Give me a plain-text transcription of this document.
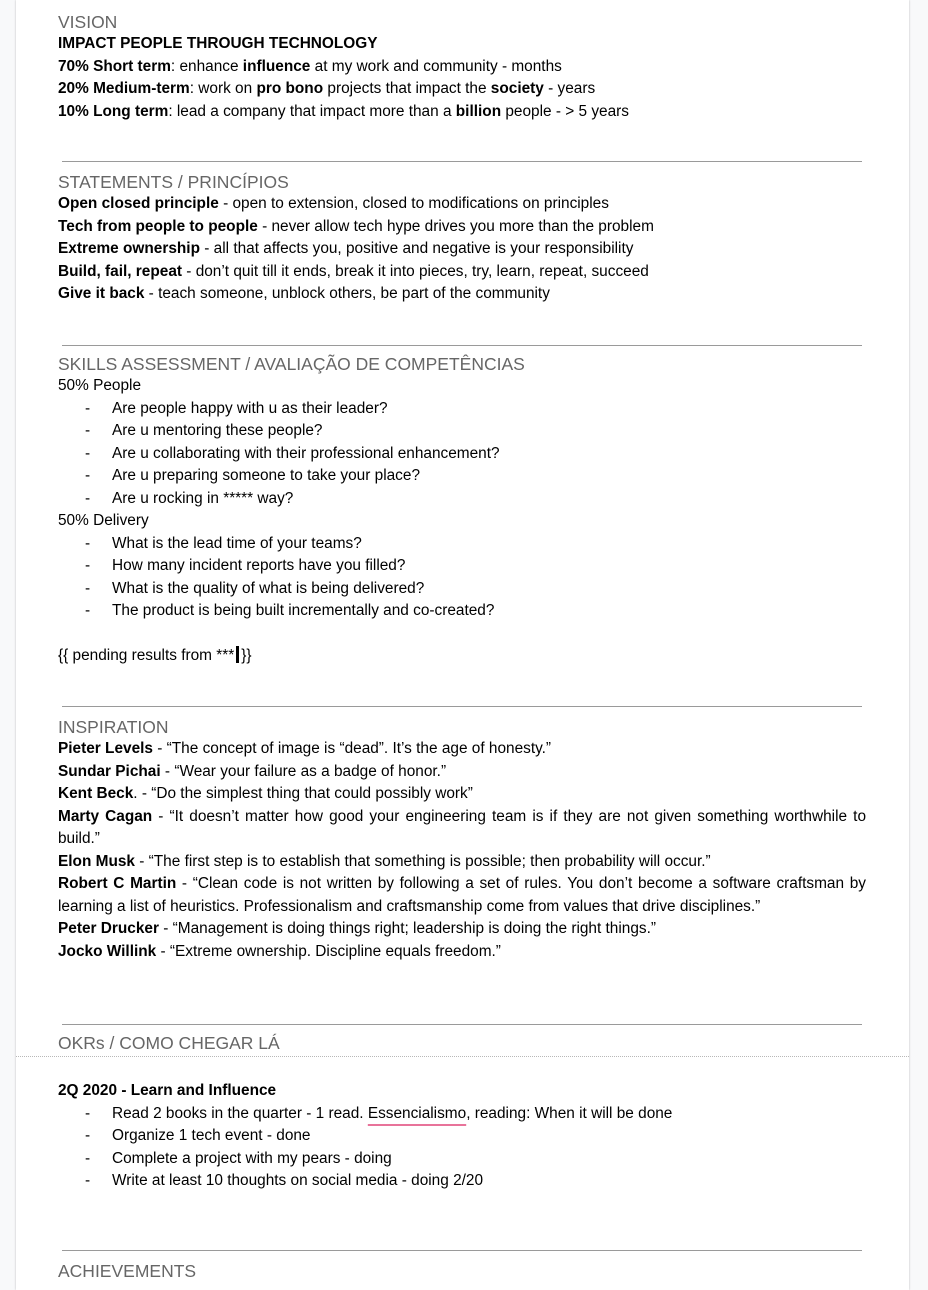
VISION
IMPACT PEOPLE THROUGH TECHNOLOGY
70% Short term: enhance influence at my work and community - months
20% Medium-term: work on pro bono projects that impact the society - years
10% Long term: lead a company that impact more than a billion people - > 5 years
STATEMENTS / PRINCÍPIOS
Open closed principle - open to extension, closed to modifications on principles
Tech from people to people - never allow tech hype drives you more than the problem
Extreme ownership - all that affects you, positive and negative is your responsibility
Build, fail, repeat - don’t quit till it ends, break it into pieces, try, learn, repeat, succeed
Give it back - teach someone, unblock others, be part of the community
SKILLS ASSESSMENT / AVALIAÇÃO DE COMPETÊNCIAS
50% People
- Are people happy with u as their leader?
- Are u mentoring these people?
- Are u collaborating with their professional enhancement?
- Are u preparing someone to take your place?
- Are u rocking in ***** way?
50% Delivery
- What is the lead time of your teams?
- How many incident reports have you filled?
- What is the quality of what is being delivered?
- The product is being built incrementally and co-created?
{{ pending results from *** }}
INSPIRATION
Pieter Levels - “The concept of image is “dead”. It’s the age of honesty.”
Sundar Pichai - “Wear your failure as a badge of honor.”
Kent Beck. - “Do the simplest thing that could possibly work”
Marty Cagan - “It doesn’t matter how good your engineering team is if they are not given something worthwhile to build.”
Elon Musk - “The first step is to establish that something is possible; then probability will occur.”
Robert C Martin - “Clean code is not written by following a set of rules. You don’t become a software craftsman by learning a list of heuristics. Professionalism and craftsmanship come from values that drive disciplines.”
Peter Drucker - “Management is doing things right; leadership is doing the right things.”
Jocko Willink - “Extreme ownership. Discipline equals freedom.”
OKRs / COMO CHEGAR LÁ
2Q 2020 - Learn and Influence
- Read 2 books in the quarter - 1 read. Essencialismo, reading: When it will be done
- Organize 1 tech event - done
- Complete a project with my pears - doing
- Write at least 10 thoughts on social media - doing 2/20
ACHIEVEMENTS
